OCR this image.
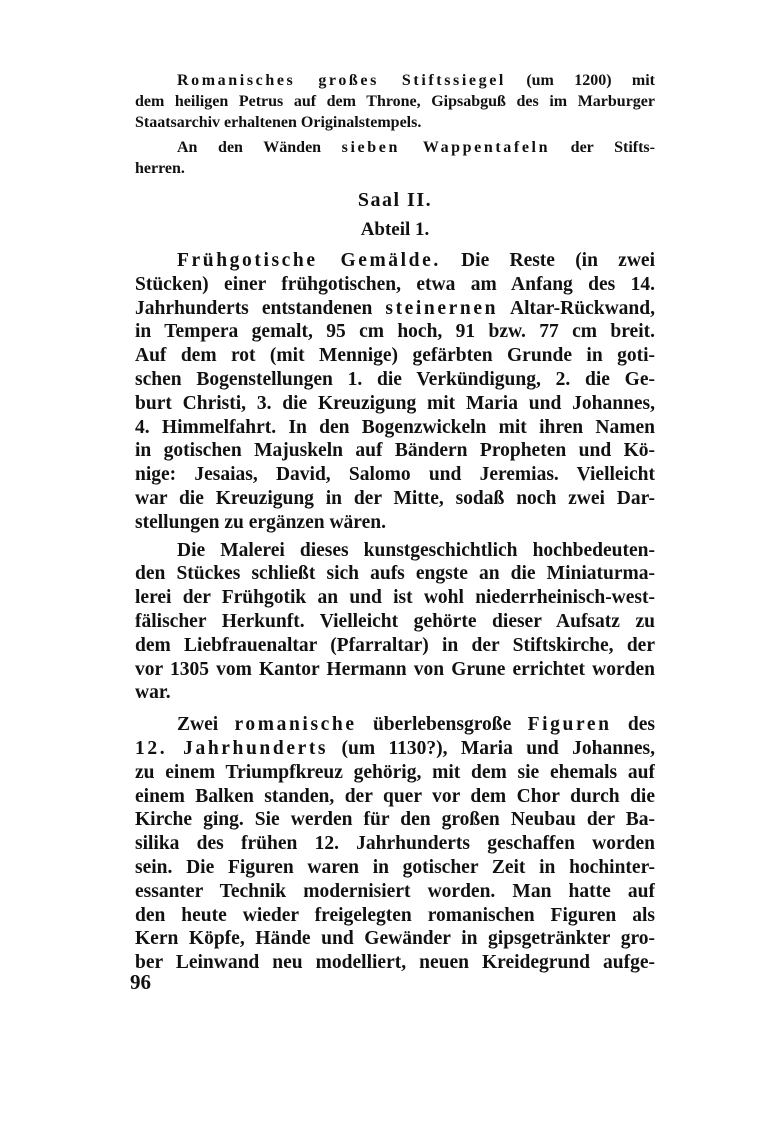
Romanisches großes Stiftssiegel (um 1200) mit
dem heiligen Petrus auf dem Throne, Gipsabguß des im Marburger
Staatsarchiv erhaltenen Originalstempels.
An den Wänden sieben Wappentafeln der Stifts-
herren.
Saal II.
Abteil 1.
Frühgotische Gemälde. Die Reste (in zwei
Stücken) einer frühgotischen, etwa am Anfang des 14.
Jahrhunderts entstandenen steinernen Altar-Rückwand,
in Tempera gemalt, 95 cm hoch, 91 bzw. 77 cm breit.
Auf dem rot (mit Mennige) gefärbten Grunde in goti-
schen Bogenstellungen 1. die Verkündigung, 2. die Ge-
burt Christi, 3. die Kreuzigung mit Maria und Johannes,
4. Himmelfahrt. In den Bogenzwickeln mit ihren Namen
in gotischen Majuskeln auf Bändern Propheten und Kö-
nige: Jesaias, David, Salomo und Jeremias. Vielleicht
war die Kreuzigung in der Mitte, sodaß noch zwei Dar-
stellungen zu ergänzen wären.
Die Malerei dieses kunstgeschichtlich hochbedeuten-
den Stückes schließt sich aufs engste an die Miniaturma-
lerei der Frühgotik an und ist wohl niederrheinisch-west-
fälischer Herkunft. Vielleicht gehörte dieser Aufsatz zu
dem Liebfrauenaltar (Pfarraltar) in der Stiftskirche, der
vor 1305 vom Kantor Hermann von Grune errichtet worden
war.
Zwei romanische überlebensgroße Figuren des
12. Jahrhunderts (um 1130?), Maria und Johannes,
zu einem Triumpfkreuz gehörig, mit dem sie ehemals auf
einem Balken standen, der quer vor dem Chor durch die
Kirche ging. Sie werden für den großen Neubau der Ba-
silika des frühen 12. Jahrhunderts geschaffen worden
sein. Die Figuren waren in gotischer Zeit in hochinter-
essanter Technik modernisiert worden. Man hatte auf
den heute wieder freigelegten romanischen Figuren als
Kern Köpfe, Hände und Gewänder in gipsgetränkter gro-
ber Leinwand neu modelliert, neuen Kreidegrund aufge-
96
